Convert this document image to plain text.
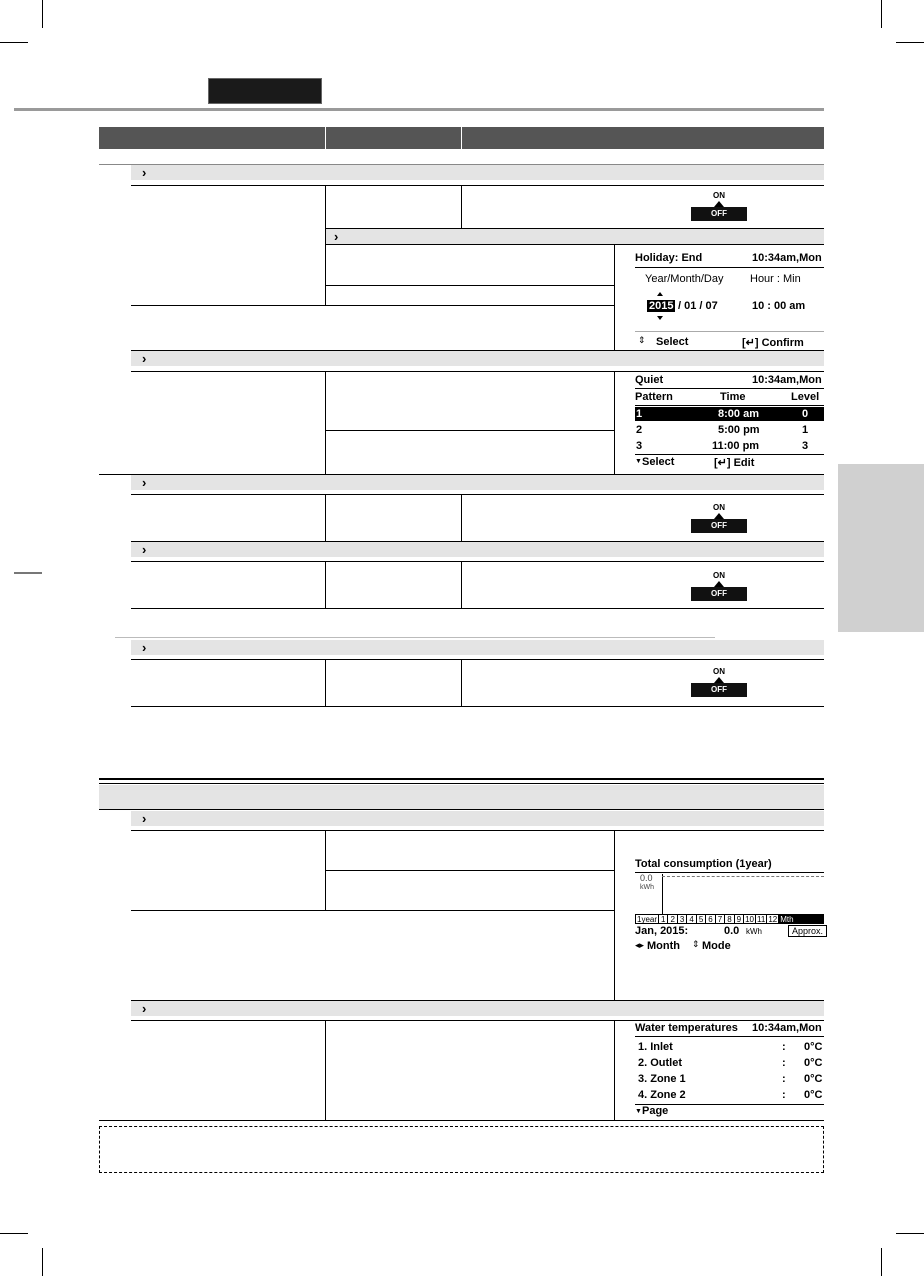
›
ON
OFF
›
Holiday: End	10:34am,Mon
Year/Month/Day Hour : Min
2015 / 01 / 07	10 : 00 am
⇕ Select	[↵] Confirm
›
Quiet	10:34am,Mon
Pattern	Time	Level
1	8:00 am	0
2	5:00 pm	1
3	11:00 pm	3
▼ Select	[↵] Edit
›
ON
OFF
›
ON
OFF
›
ON
OFF
›
Total consumption (1year)
0.0
kWh
1year 1 2 3 4 5 6 7 8 9 10 11 12 Mth
Jan, 2015:	0.0 kWh	Approx.
◂▸ Month ⇕ Mode
›
Water temperatures 10:34am,Mon
1. Inlet	: 0°C
2. Outlet	: 0°C
3. Zone 1	: 0°C
4. Zone 2	: 0°C
▼ Page
